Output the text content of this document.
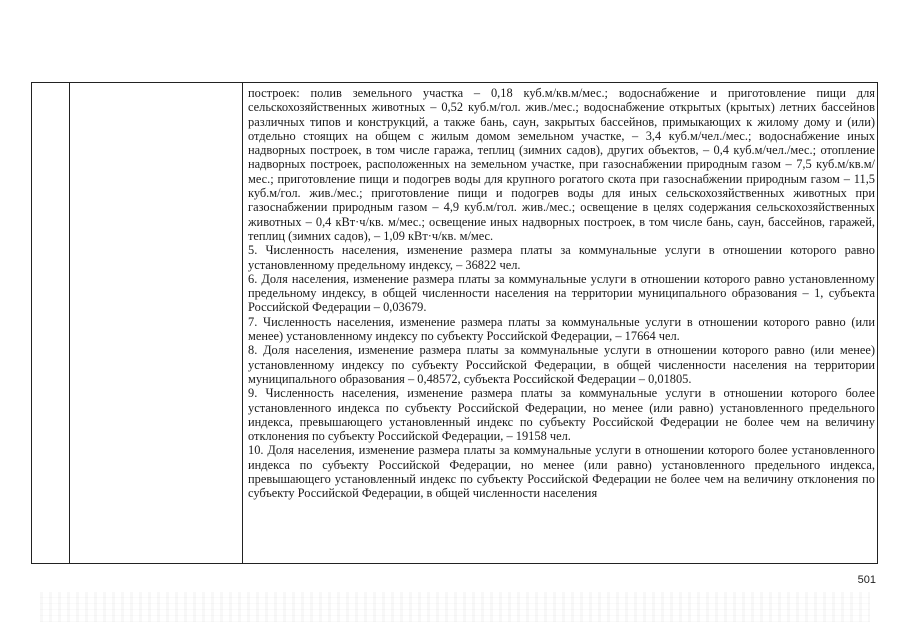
построек: полив земельного участка – 0,18 куб.м/кв.м/мес.; водоснабжение и приготовление пищи для сельскохозяйственных животных – 0,52 куб.м/гол. жив./мес.; водоснабжение открытых (крытых) летних бассейнов различных типов и конструкций, а также бань, саун, закрытых бассейнов, примыкающих к жилому дому и (или) отдельно стоящих на общем с жилым домом земельном участке, – 3,4 куб.м/чел./мес.; водоснабжение иных надворных построек, в том числе гаража, теплиц (зимних садов), других объектов, – 0,4 куб.м/чел./мес.; отопление надворных построек, расположенных на земельном участке, при газоснабжении природным газом – 7,5 куб.м/кв.м/мес.; приготовление пищи и подогрев воды для крупного рогатого скота при газоснабжении природным газом – 11,5 куб.м/гол. жив./мес.; приготовление пищи и подогрев воды для иных сельскохозяйственных животных при газоснабжении природным газом – 4,9 куб.м/гол. жив./мес.; освещение в целях содержания сельскохозяйственных животных – 0,4 кВт·ч/кв. м/мес.; освещение иных надворных построек, в том числе бань, саун, бассейнов, гаражей, теплиц (зимних садов), – 1,09 кВт·ч/кв. м/мес.

5. Численность населения, изменение размера платы за коммунальные услуги в отношении которого равно установленному предельному индексу, – 36822 чел.

6. Доля населения, изменение размера платы за коммунальные услуги в отношении которого равно установленному предельному индексу, в общей численности населения на территории муниципального образования – 1, субъекта Российской Федерации – 0,03679.

7. Численность населения, изменение размера платы за коммунальные услуги в отношении которого равно (или менее) установленному индексу по субъекту Российской Федерации, – 17664 чел.

8. Доля населения, изменение размера платы за коммунальные услуги в отношении которого равно (или менее) установленному индексу по субъекту Российской Федерации, в общей численности населения на территории муниципального образования – 0,48572, субъекта Российской Федерации – 0,01805.

9. Численность населения, изменение размера платы за коммунальные услуги в отношении которого более установленного индекса по субъекту Российской Федерации, но менее (или равно) установленного предельного индекса, превышающего установленный индекс по субъекту Российской Федерации не более чем на величину отклонения по субъекту Российской Федерации, – 19158 чел.

10. Доля населения, изменение размера платы за коммунальные услуги в отношении которого более установленного индекса по субъекту Российской Федерации, но менее (или равно) установленного предельного индекса, превышающего установленный индекс по субъекту Российской Федерации не более чем на величину отклонения по субъекту Российской Федерации, в общей численности населения

501
